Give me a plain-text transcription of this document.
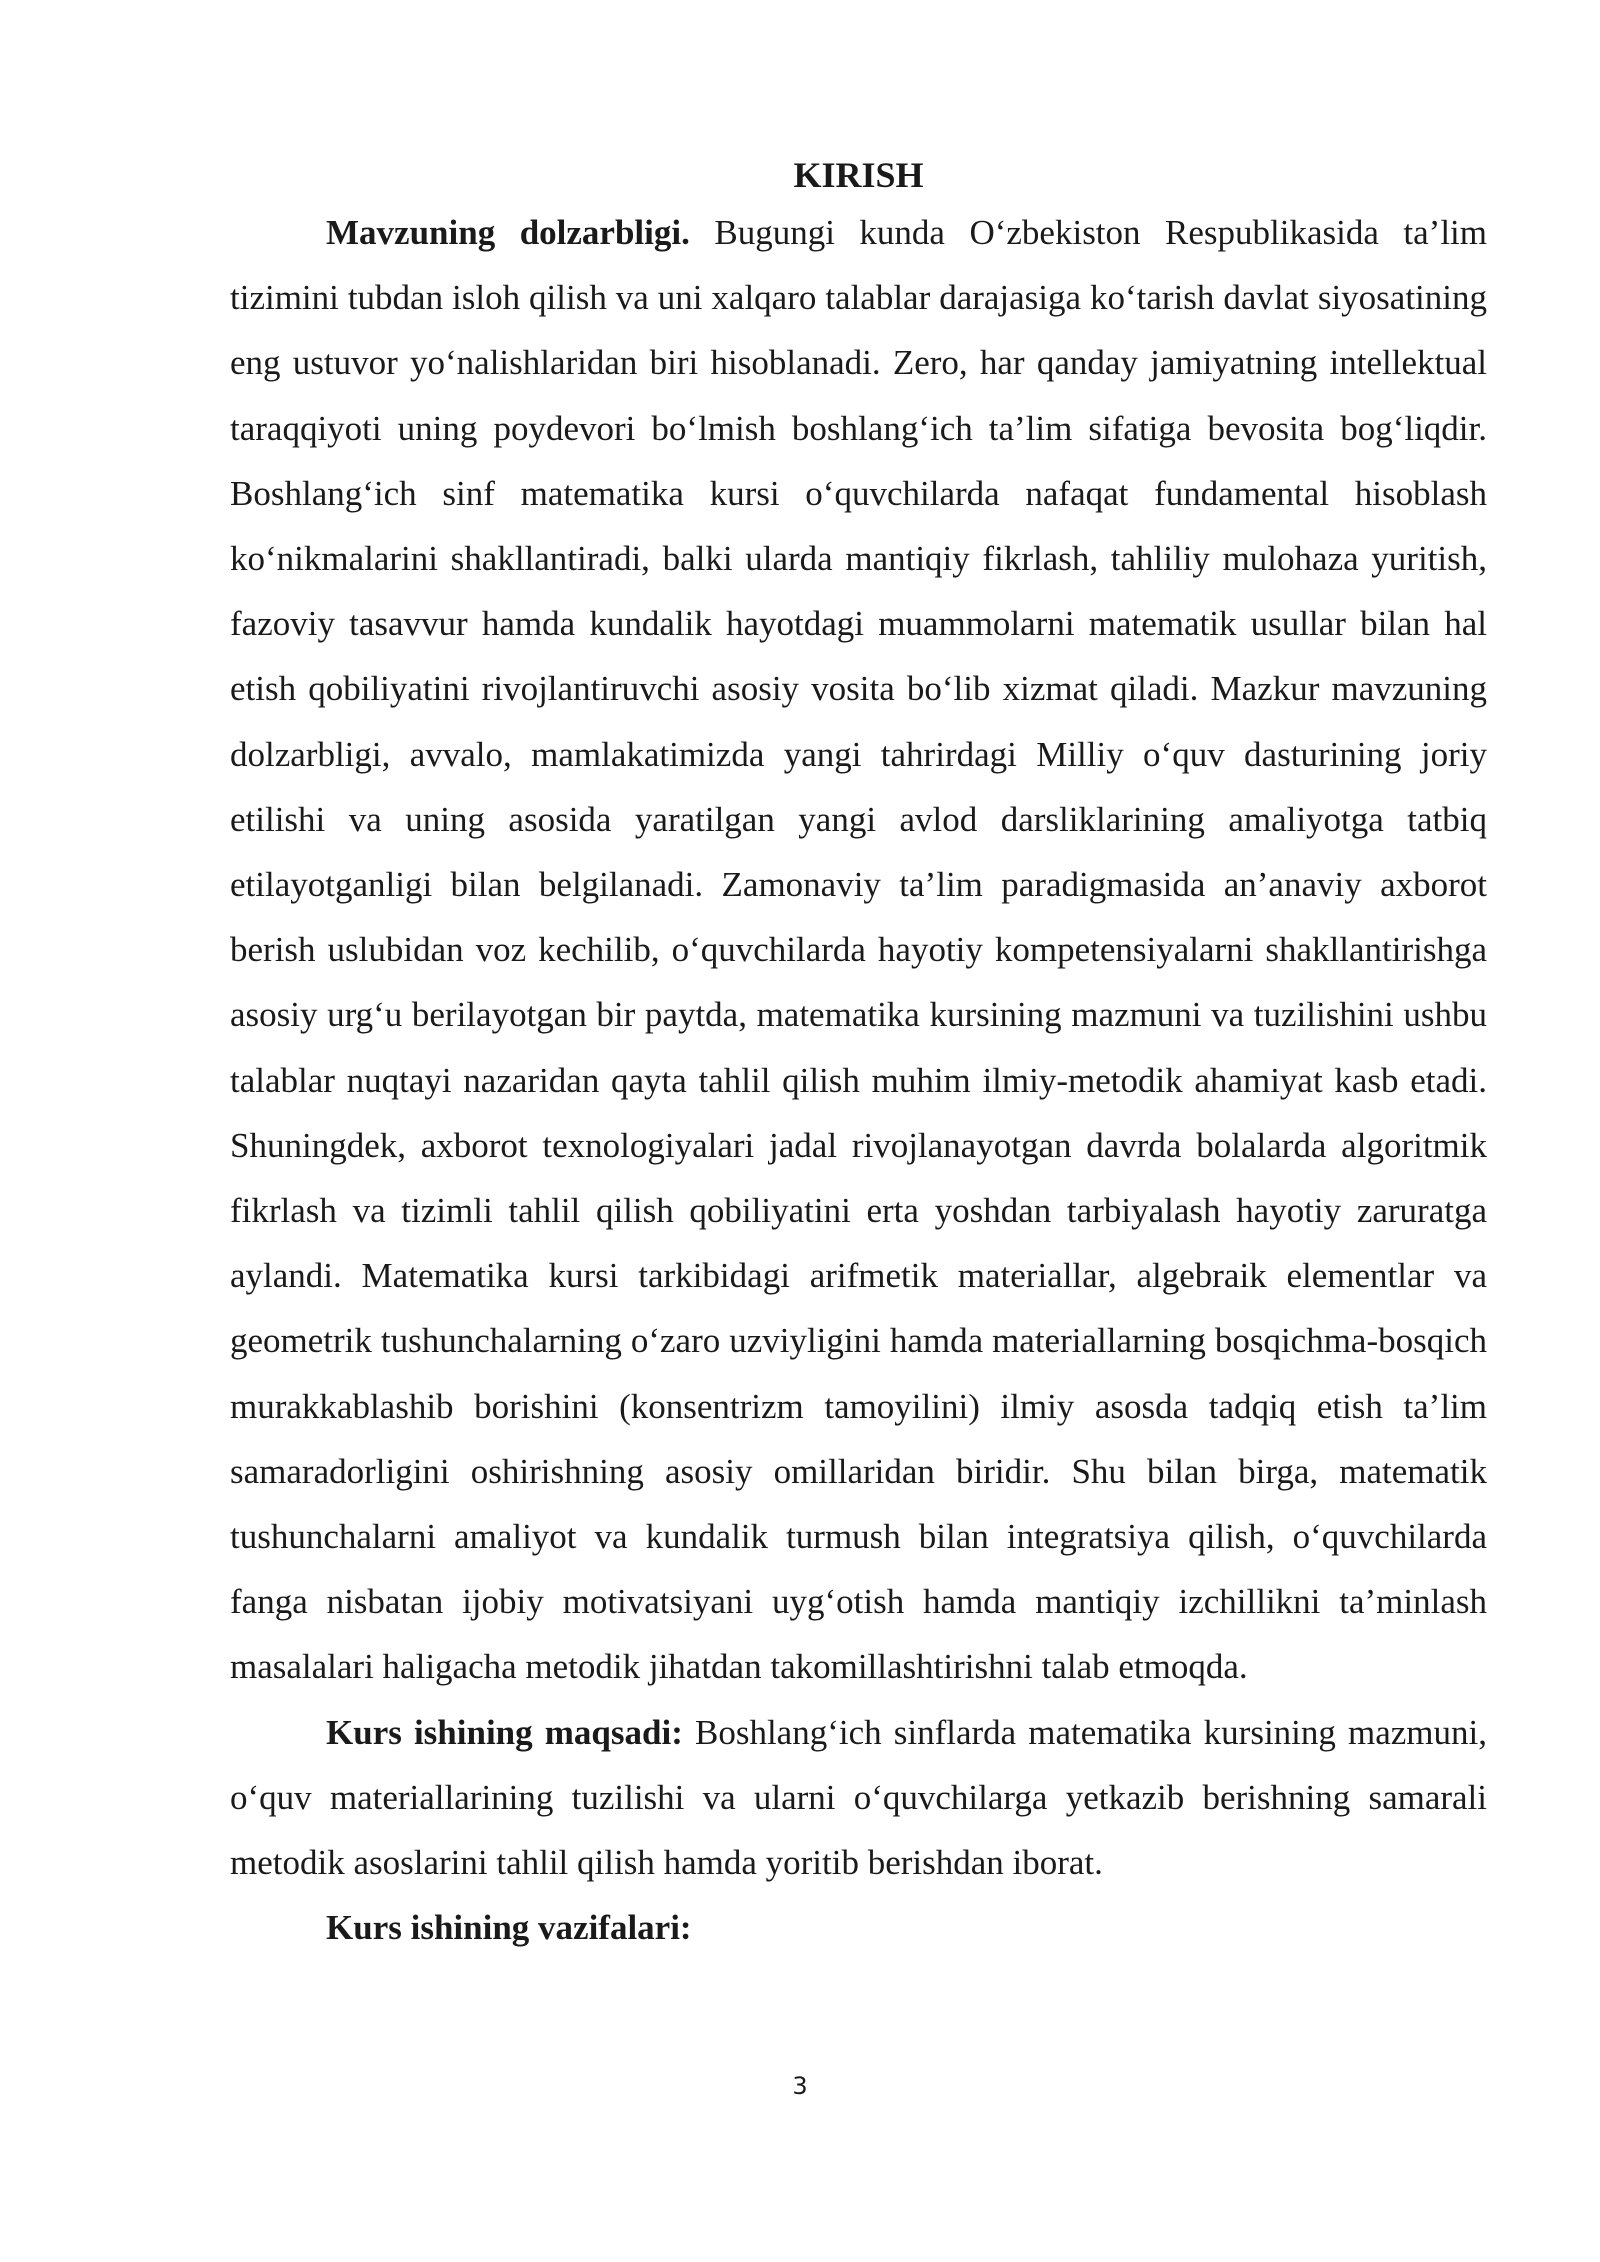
KIRISH

Mavzuning dolzarbligi. Bugungi kunda O‘zbekiston Respublikasida ta’lim tizimini tubdan isloh qilish va uni xalqaro talablar darajasiga ko‘tarish davlat siyosatining eng ustuvor yo‘nalishlaridan biri hisoblanadi. Zero, har qanday jamiyatning intellektual taraqqiyoti uning poydevori bo‘lmish boshlang‘ich ta’lim sifatiga bevosita bog‘liqdir. Boshlang‘ich sinf matematika kursi o‘quvchilarda nafaqat fundamental hisoblash ko‘nikmalarini shakllantiradi, balki ularda mantiqiy fikrlash, tahliliy mulohaza yuritish, fazoviy tasavvur hamda kundalik hayotdagi muammolarni matematik usullar bilan hal etish qobiliyatini rivojlantiruvchi asosiy vosita bo‘lib xizmat qiladi. Mazkur mavzuning dolzarbligi, avvalo, mamlakatimizda yangi tahrirdagi Milliy o‘quv dasturining joriy etilishi va uning asosida yaratilgan yangi avlod darsliklarining amaliyotga tatbiq etilayotganligi bilan belgilanadi. Zamonaviy ta’lim paradigmasida an’anaviy axborot berish uslubidan voz kechilib, o‘quvchilarda hayotiy kompetensiyalarni shakllantirishga asosiy urg‘u berilayotgan bir paytda, matematika kursining mazmuni va tuzilishini ushbu talablar nuqtayi nazaridan qayta tahlil qilish muhim ilmiy-metodik ahamiyat kasb etadi. Shuningdek, axborot texnologiyalari jadal rivojlanayotgan davrda bolalarda algoritmik fikrlash va tizimli tahlil qilish qobiliyatini erta yoshdan tarbiyalash hayotiy zaruratga aylandi. Matematika kursi tarkibidagi arifmetik materiallar, algebraik elementlar va geometrik tushunchalarning o‘zaro uzviyligini hamda materiallarning bosqichma-bosqich murakkablashib borishini (konsentrizm tamoyilini) ilmiy asosda tadqiq etish ta’lim samaradorligini oshirishning asosiy omillaridan biridir. Shu bilan birga, matematik tushunchalarni amaliyot va kundalik turmush bilan integratsiya qilish, o‘quvchilarda fanga nisbatan ijobiy motivatsiyani uyg‘otish hamda mantiqiy izchillikni ta’minlash masalalari haligacha metodik jihatdan takomillashtirishni talab etmoqda.

Kurs ishining maqsadi: Boshlang‘ich sinflarda matematika kursining mazmuni, o‘quv materiallarining tuzilishi va ularni o‘quvchilarga yetkazib berishning samarali metodik asoslarini tahlil qilish hamda yoritib berishdan iborat.

Kurs ishining vazifalari:

3
